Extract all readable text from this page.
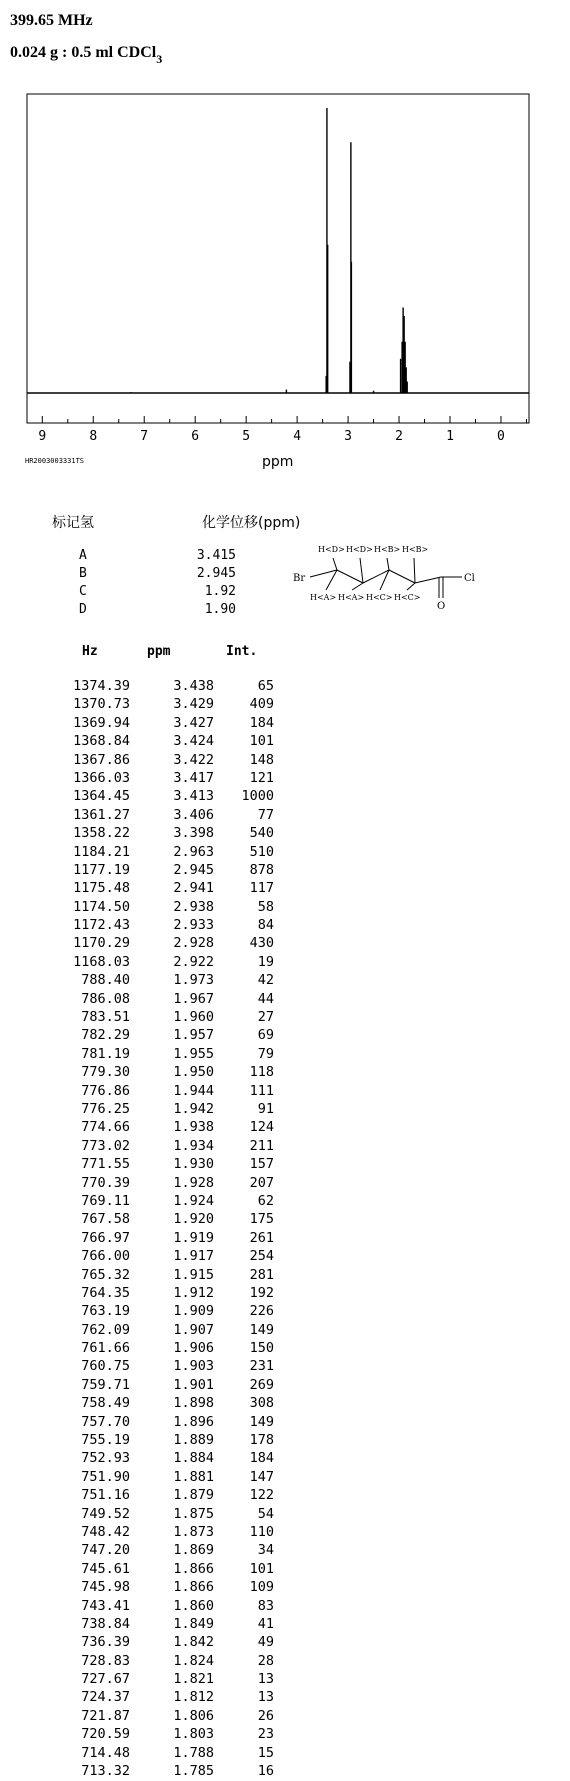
399.65 MHz
0.024 g : 0.5 ml CDCl$_3$
9	8	7	6	5	4	3	2	1	0
HR2003003331TS	ppm
标记氢	化学位移(ppm)
A	3.415
B	2.945
C	1.92
D	1.90
Br	Cl
O
H<D> H<D> H<B> H<B>
H<A> H<A> H<C> H<C>
Hz	ppm	Int.
1374.39	3.438	65
1370.73	3.429	409
1369.94	3.427	184
1368.84	3.424	101
1367.86	3.422	148
1366.03	3.417	121
1364.45	3.413	1000
1361.27	3.406	77
1358.22	3.398	540
1184.21	2.963	510
1177.19	2.945	878
1175.48	2.941	117
1174.50	2.938	58
1172.43	2.933	84
1170.29	2.928	430
1168.03	2.922	19
788.40	1.973	42
786.08	1.967	44
783.51	1.960	27
782.29	1.957	69
781.19	1.955	79
779.30	1.950	118
776.86	1.944	111
776.25	1.942	91
774.66	1.938	124
773.02	1.934	211
771.55	1.930	157
770.39	1.928	207
769.11	1.924	62
767.58	1.920	175
766.97	1.919	261
766.00	1.917	254
765.32	1.915	281
764.35	1.912	192
763.19	1.909	226
762.09	1.907	149
761.66	1.906	150
760.75	1.903	231
759.71	1.901	269
758.49	1.898	308
757.70	1.896	149
755.19	1.889	178
752.93	1.884	184
751.90	1.881	147
751.16	1.879	122
749.52	1.875	54
748.42	1.873	110
747.20	1.869	34
745.61	1.866	101
745.98	1.866	109
743.41	1.860	83
738.84	1.849	41
736.39	1.842	49
728.83	1.824	28
727.67	1.821	13
724.37	1.812	13
721.87	1.806	26
720.59	1.803	23
714.48	1.788	15
713.32	1.785	16
